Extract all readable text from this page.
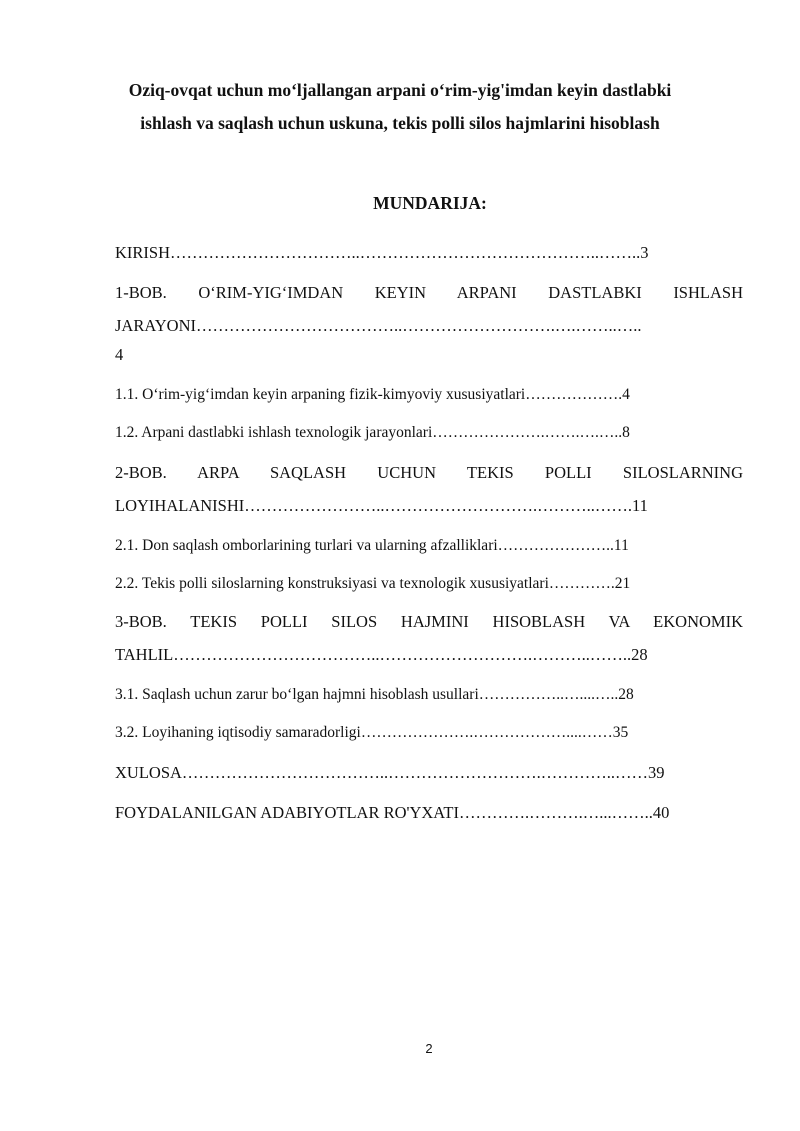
Oziq-ovqat uchun mo‘ljallangan arpani o‘rim-yig'imdan keyin dastlabki
ishlash va saqlash uchun uskuna, tekis polli silos hajmlarini hisoblash
MUNDARIJA:
KIRISH……………………………..……………………………………..……..3
1-BOB. O‘RIM-YIG‘IMDAN KEYIN ARPANI DASTLABKI ISHLASH
JARAYONI………………………………..……………………….….……..…..
4
1.1. O‘rim-yig‘imdan keyin arpaning fizik-kimyoviy xususiyatlari……………….4
1.2. Arpani dastlabki ishlash texnologik jarayonlari………………….…….….…..8
2-BOB. ARPA SAQLASH UCHUN TEKIS POLLI SILOSLARNING
LOYIHALANISHI……………………..……………………….………..…….11
2.1. Don saqlash omborlarining turlari va ularning afzalliklari…………………..11
2.2. Tekis polli siloslarning konstruksiyasi va texnologik xususiyatlari………….21
3-BOB. TEKIS POLLI SILOS HAJMINI HISOBLASH VA EKONOMIK
TAHLIL………………………………..……………………….………..……..28
3.1. Saqlash uchun zarur bo‘lgan hajmni hisoblash usullari……………..…....…..28
3.2. Loyihaning iqtisodiy samaradorligi………………….………………....……35
XULOSA………………………………..……………………….…………..……39
FOYDALANILGAN ADABIYOTLAR RO'YXATI………….……….…...……..40
2
